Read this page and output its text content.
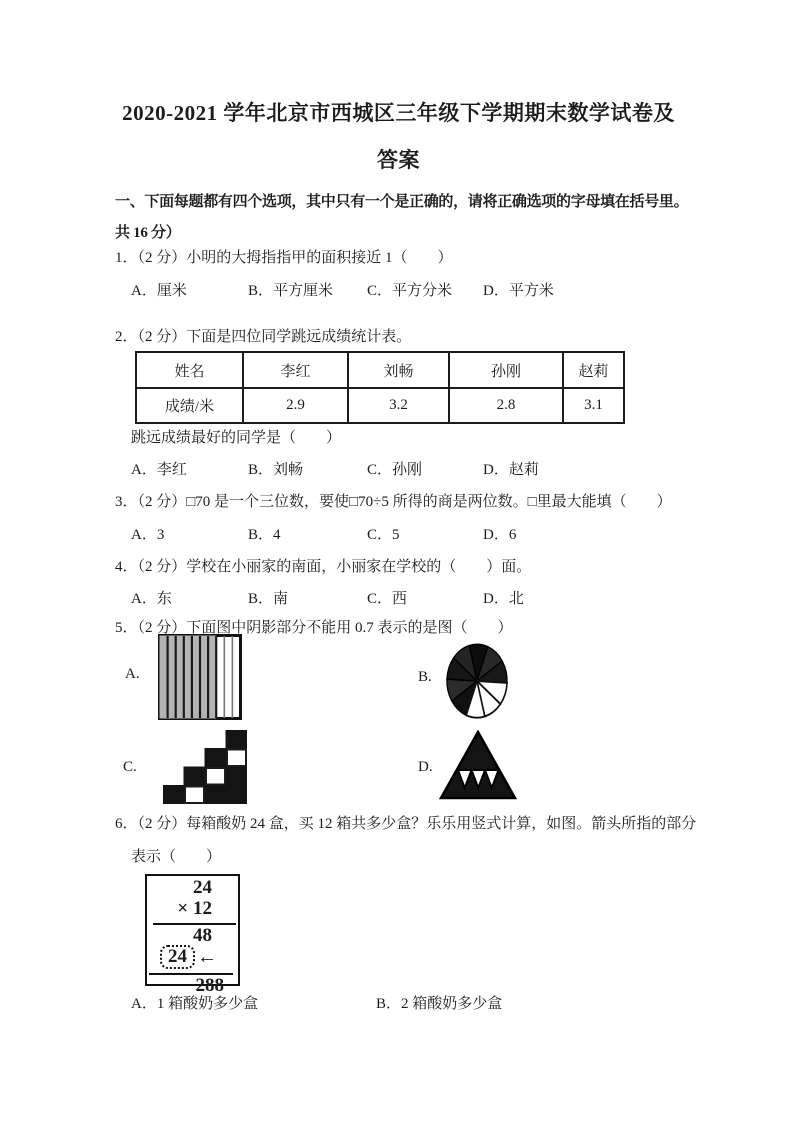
2020-2021 学年北京市西城区三年级下学期期末数学试卷及
答案
一、下面每题都有四个选项，其中只有一个是正确的，请将正确选项的字母填在括号里。
共 16 分）
1．（2 分）小明的大拇指指甲的面积接近 1（　　）
A．厘米	B．平方厘米	C．平方分米	D．平方米
2．（2 分）下面是四位同学跳远成绩统计表。
姓名	李红	刘畅	孙刚	赵莉
成绩/米	2.9	3.2	2.8	3.1
跳远成绩最好的同学是（　　）
A．李红	B．刘畅	C．孙刚	D．赵莉
3．（2 分）□70 是一个三位数，要使□70÷5 所得的商是两位数。□里最大能填（　　）
A．3	B．4	C．5	D．6
4．（2 分）学校在小丽家的南面，小丽家在学校的（　　）面。
A．东	B．南	C．西	D．北
5．（2 分）下面图中阴影部分不能用 0.7 表示的是图（　　）
A.	B.
C.	D.
6．（2 分）每箱酸奶 24 盒，买 12 箱共多少盒？乐乐用竖式计算，如图。箭头所指的部分
表示（　　）
24
× 12
48
24 ←
288
A．1 箱酸奶多少盒	B．2 箱酸奶多少盒
